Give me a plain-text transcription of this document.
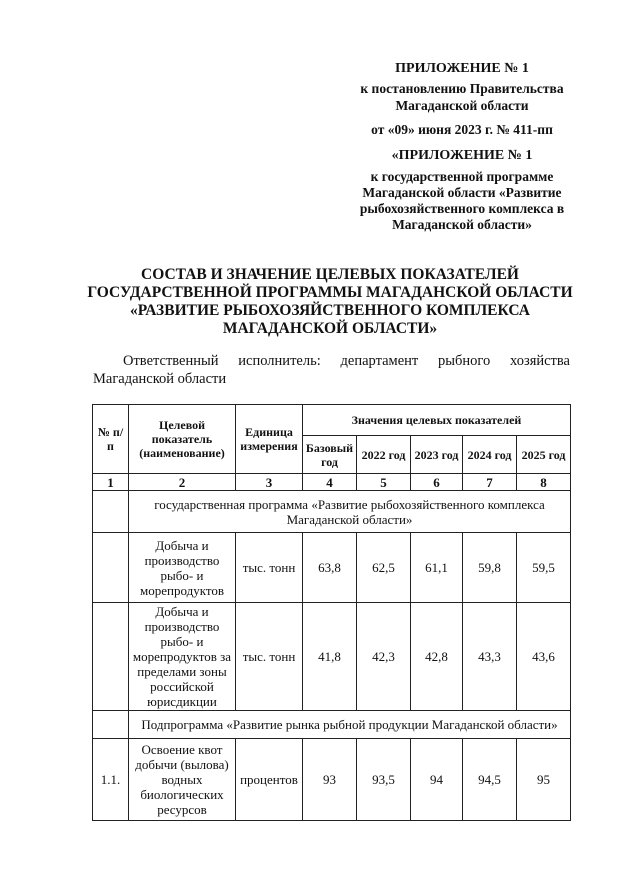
ПРИЛОЖЕНИЕ № 1
к постановлению Правительства Магаданской области
от «09» июня 2023 г. № 411-пп
«ПРИЛОЖЕНИЕ № 1
к государственной программе Магаданской области «Развитие рыбохозяйственного комплекса в Магаданской области»
СОСТАВ И ЗНАЧЕНИЕ ЦЕЛЕВЫХ ПОКАЗАТЕЛЕЙ ГОСУДАРСТВЕННОЙ ПРОГРАММЫ МАГАДАНСКОЙ ОБЛАСТИ «РАЗВИТИЕ РЫБОХОЗЯЙСТВЕННОГО КОМПЛЕКСА МАГАДАНСКОЙ ОБЛАСТИ»
Ответственный исполнитель: департамент рыбного хозяйства
Магаданской области
№ п/п	Целевой показатель (наименование)	Единица измерения	Значения целевых показателей				
			Базовый год	2022 год	2023 год	2024 год	2025 год
1	2	3	4	5	6	7	8
	государственная программа «Развитие рыбохозяйственного комплекса Магаданской области»						
	Добыча и производство рыбо- и морепродуктов	тыс. тонн	63,8	62,5	61,1	59,8	59,5
	Добыча и производство рыбо- и морепродуктов за пределами зоны российской юрисдикции	тыс. тонн	41,8	42,3	42,8	43,3	43,6
	Подпрограмма «Развитие рынка рыбной продукции Магаданской области»						
1.1.	Освоение квот добычи (вылова) водных биологических ресурсов	процентов	93	93,5	94	94,5	95
